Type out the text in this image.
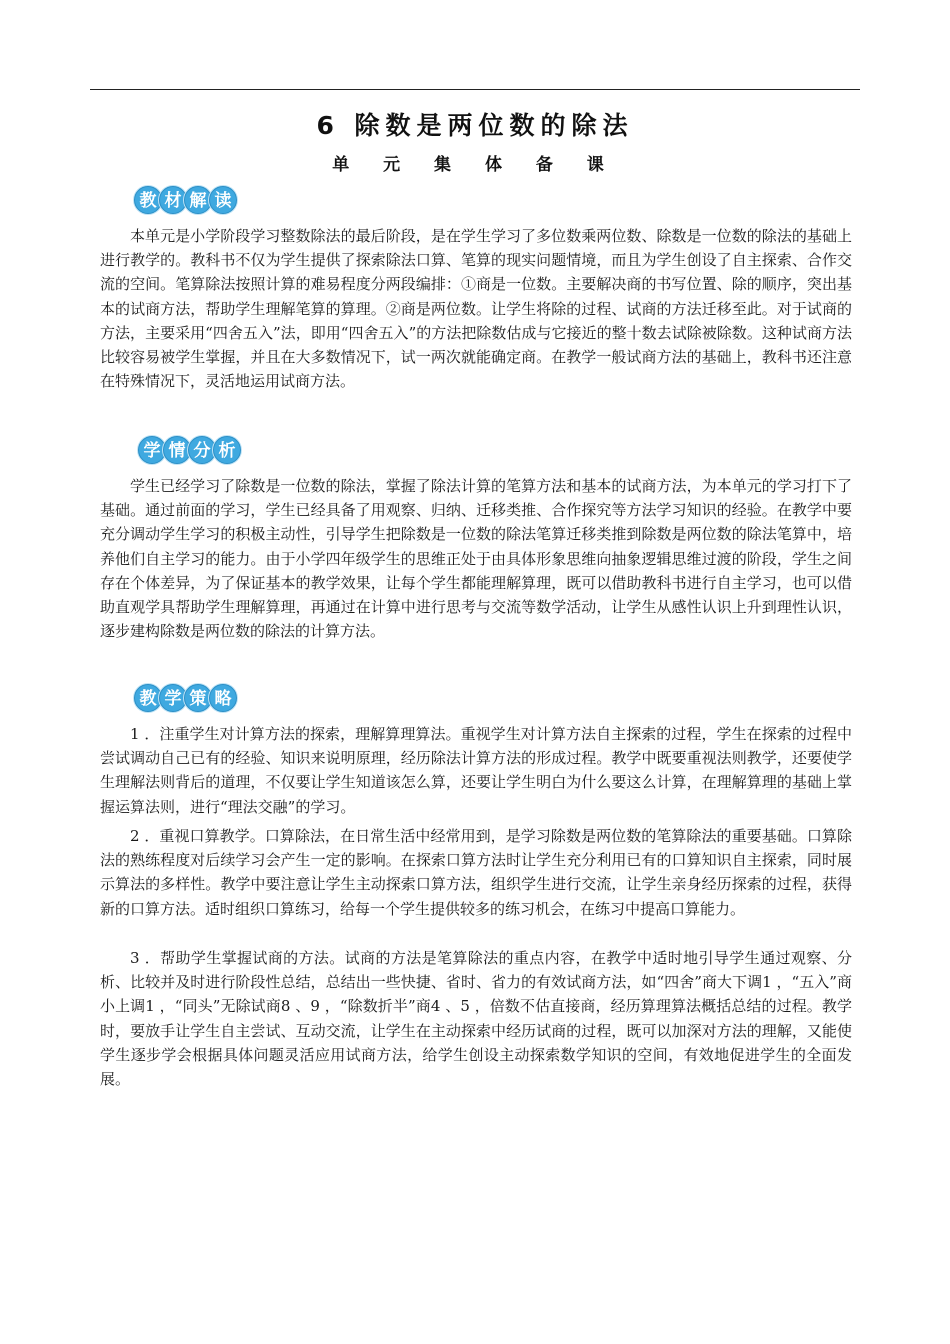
6 除数是两位数的除法
单 元 集 体 备 课
教 材 解 读

本单元是小学阶段学习整数除法的最后阶段，是在学生学习了多位数乘两位数、除数是一位数的除法的基础上进行教学的。教科书不仅为学生提供了探索除法口算、笔算的现实问题情境，而且为学生创设了自主探索、合作交流的空间。笔算除法按照计算的难易程度分两段编排：①商是一位数。主要解决商的书写位置、除的顺序，突出基本的试商方法，帮助学生理解笔算的算理。②商是两位数。让学生将除的过程、试商的方法迁移至此。对于试商的方法，主要采用“四舍五入”法，即用“四舍五入”的方法把除数估成与它接近的整十数去试除被除数。这种试商方法比较容易被学生掌握，并且在大多数情况下，试一两次就能确定商。在教学一般试商方法的基础上，教科书还注意在特殊情况下，灵活地运用试商方法。

学 情 分 析

学生已经学习了除数是一位数的除法，掌握了除法计算的笔算方法和基本的试商方法，为本单元的学习打下了基础。通过前面的学习，学生已经具备了用观察、归纳、迁移类推、合作探究等方法学习知识的经验。在教学中要充分调动学生学习的积极主动性，引导学生把除数是一位数的除法笔算迁移类推到除数是两位数的除法笔算中，培养他们自主学习的能力。由于小学四年级学生的思维正处于由具体形象思维向抽象逻辑思维过渡的阶段，学生之间存在个体差异，为了保证基本的教学效果，让每个学生都能理解算理，既可以借助教科书进行自主学习，也可以借助直观学具帮助学生理解算理，再通过在计算中进行思考与交流等数学活动，让学生从感性认识上升到理性认识，逐步建构除数是两位数的除法的计算方法。

教 学 策 略

1 ．注重学生对计算方法的探索，理解算理算法。重视学生对计算方法自主探索的过程，学生在探索的过程中尝试调动自己已有的经验、知识来说明原理，经历除法计算方法的形成过程。教学中既要重视法则教学，还要使学生理解法则背后的道理，不仅要让学生知道该怎么算，还要让学生明白为什么要这么计算，在理解算理的基础上掌握运算法则，进行“理法交融”的学习。

2 ．重视口算教学。口算除法，在日常生活中经常用到，是学习除数是两位数的笔算除法的重要基础。口算除法的熟练程度对后续学习会产生一定的影响。在探索口算方法时让学生充分利用已有的口算知识自主探索，同时展示算法的多样性。教学中要注意让学生主动探索口算方法，组织学生进行交流，让学生亲身经历探索的过程，获得新的口算方法。适时组织口算练习，给每一个学生提供较多的练习机会，在练习中提高口算能力。

3 ．帮助学生掌握试商的方法。试商的方法是笔算除法的重点内容，在教学中适时地引导学生通过观察、分析、比较并及时进行阶段性总结，总结出一些快捷、省时、省力的有效试商方法，如“四舍”商大下调1 ，“五入”商小上调1 ，“同头”无除试商8 、9 ，“除数折半”商4 、5 ，倍数不估直接商，经历算理算法概括总结的过程。教学时，要放手让学生自主尝试、互动交流，让学生在主动探索中经历试商的过程，既可以加深对方法的理解，又能使学生逐步学会根据具体问题灵活应用试商方法，给学生创设主动探索数学知识的空间，有效地促进学生的全面发展。
